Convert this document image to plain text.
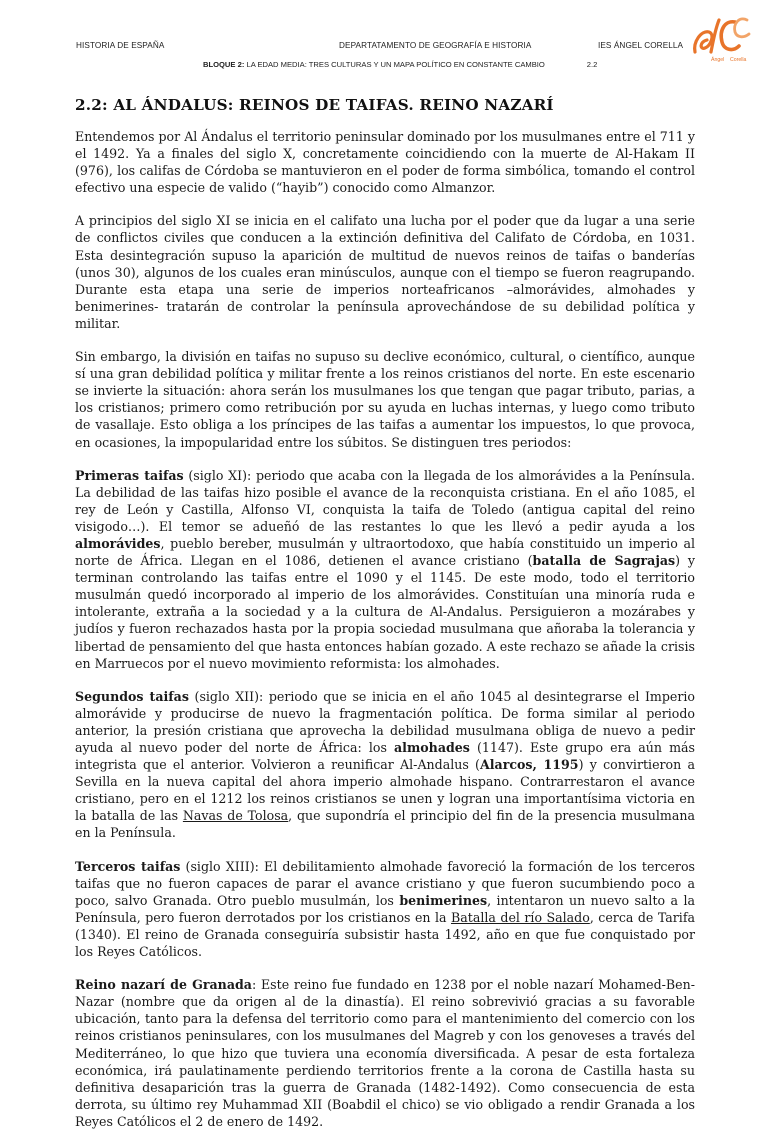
HISTORIA DE ESPAÑA	DEPARTATAMENTO DE GEOGRAFÍA E HISTORIA	IES ÁNGEL CORELLA
BLOQUE 2: LA EDAD MEDIA: TRES CULTURAS Y UN MAPA POLÍTICO EN CONSTANTE CAMBIO	2.2	Ángel Corella
2.2: AL ÁNDALUS: REINOS DE TAIFAS. REINO NAZARÍ

Entendemos por Al Ándalus el territorio peninsular dominado por los musulmanes entre el 711 y el 1492. Ya a finales del siglo X, concretamente coincidiendo con la muerte de Al-Hakam II (976), los califas de Córdoba se mantuvieron en el poder de forma simbólica, tomando el control efectivo una especie de valido (“hayib”) conocido como Almanzor.

A principios del siglo XI se inicia en el califato una lucha por el poder que da lugar a una serie de conflictos civiles que conducen a la extinción definitiva del Califato de Córdoba, en 1031. Esta desintegración supuso la aparición de multitud de nuevos reinos de taifas o banderías (unos 30), algunos de los cuales eran minúsculos, aunque con el tiempo se fueron reagrupando. Durante esta etapa una serie de imperios norteafricanos –almorávides, almohades y benimerines- tratarán de controlar la península aprovechándose de su debilidad política y militar.

Sin embargo, la división en taifas no supuso su declive económico, cultural, o científico, aunque sí una gran debilidad política y militar frente a los reinos cristianos del norte. En este escenario se invierte la situación: ahora serán los musulmanes los que tengan que pagar tributo, parias, a los cristianos; primero como retribución por su ayuda en luchas internas, y luego como tributo de vasallaje. Esto obliga a los príncipes de las taifas a aumentar los impuestos, lo que provoca, en ocasiones, la impopularidad entre los súbitos. Se distinguen tres periodos:

Primeras taifas (siglo XI): periodo que acaba con la llegada de los almorávides a la Península. La debilidad de las taifas hizo posible el avance de la reconquista cristiana. En el año 1085, el rey de León y Castilla, Alfonso VI, conquista la taifa de Toledo (antigua capital del reino visigodo…). El temor se adueñó de las restantes lo que les llevó a pedir ayuda a los almorávides, pueblo bereber, musulmán y ultraortodoxo, que había constituido un imperio al norte de África. Llegan en el 1086, detienen el avance cristiano (batalla de Sagrajas) y terminan controlando las taifas entre el 1090 y el 1145. De este modo, todo el territorio musulmán quedó incorporado al imperio de los almorávides. Constituían una minoría ruda e intolerante, extraña a la sociedad y a la cultura de Al-Andalus. Persiguieron a mozárabes y judíos y fueron rechazados hasta por la propia sociedad musulmana que añoraba la tolerancia y libertad de pensamiento del que hasta entonces habían gozado. A este rechazo se añade la crisis en Marruecos por el nuevo movimiento reformista: los almohades.

Segundos taifas (siglo XII): periodo que se inicia en el año 1045 al desintegrarse el Imperio almorávide y producirse de nuevo la fragmentación política. De forma similar al periodo anterior, la presión cristiana que aprovecha la debilidad musulmana obliga de nuevo a pedir ayuda al nuevo poder del norte de África: los almohades (1147). Este grupo era aún más integrista que el anterior. Volvieron a reunificar Al-Andalus (Alarcos, 1195) y convirtieron a Sevilla en la nueva capital del ahora imperio almohade hispano. Contrarrestaron el avance cristiano, pero en el 1212 los reinos cristianos se unen y logran una importantísima victoria en la batalla de las Navas de Tolosa, que supondría el principio del fin de la presencia musulmana en la Península.

Terceros taifas (siglo XIII): El debilitamiento almohade favoreció la formación de los terceros taifas que no fueron capaces de parar el avance cristiano y que fueron sucumbiendo poco a poco, salvo Granada. Otro pueblo musulmán, los benimerines, intentaron un nuevo salto a la Península, pero fueron derrotados por los cristianos en la Batalla del río Salado, cerca de Tarifa (1340). El reino de Granada conseguiría subsistir hasta 1492, año en que fue conquistado por los Reyes Católicos.

Reino nazarí de Granada: Este reino fue fundado en 1238 por el noble nazarí Mohamed-Ben-Nazar (nombre que da origen al de la dinastía). El reino sobrevivió gracias a su favorable ubicación, tanto para la defensa del territorio como para el mantenimiento del comercio con los reinos cristianos peninsulares, con los musulmanes del Magreb y con los genoveses a través del Mediterráneo, lo que hizo que tuviera una economía diversificada. A pesar de esta fortaleza económica, irá paulatinamente perdiendo territorios frente a la corona de Castilla hasta su definitiva desaparición tras la guerra de Granada (1482-1492). Como consecuencia de esta derrota, su último rey Muhammad XII (Boabdil el chico) se vio obligado a rendir Granada a los Reyes Católicos el 2 de enero de 1492.
